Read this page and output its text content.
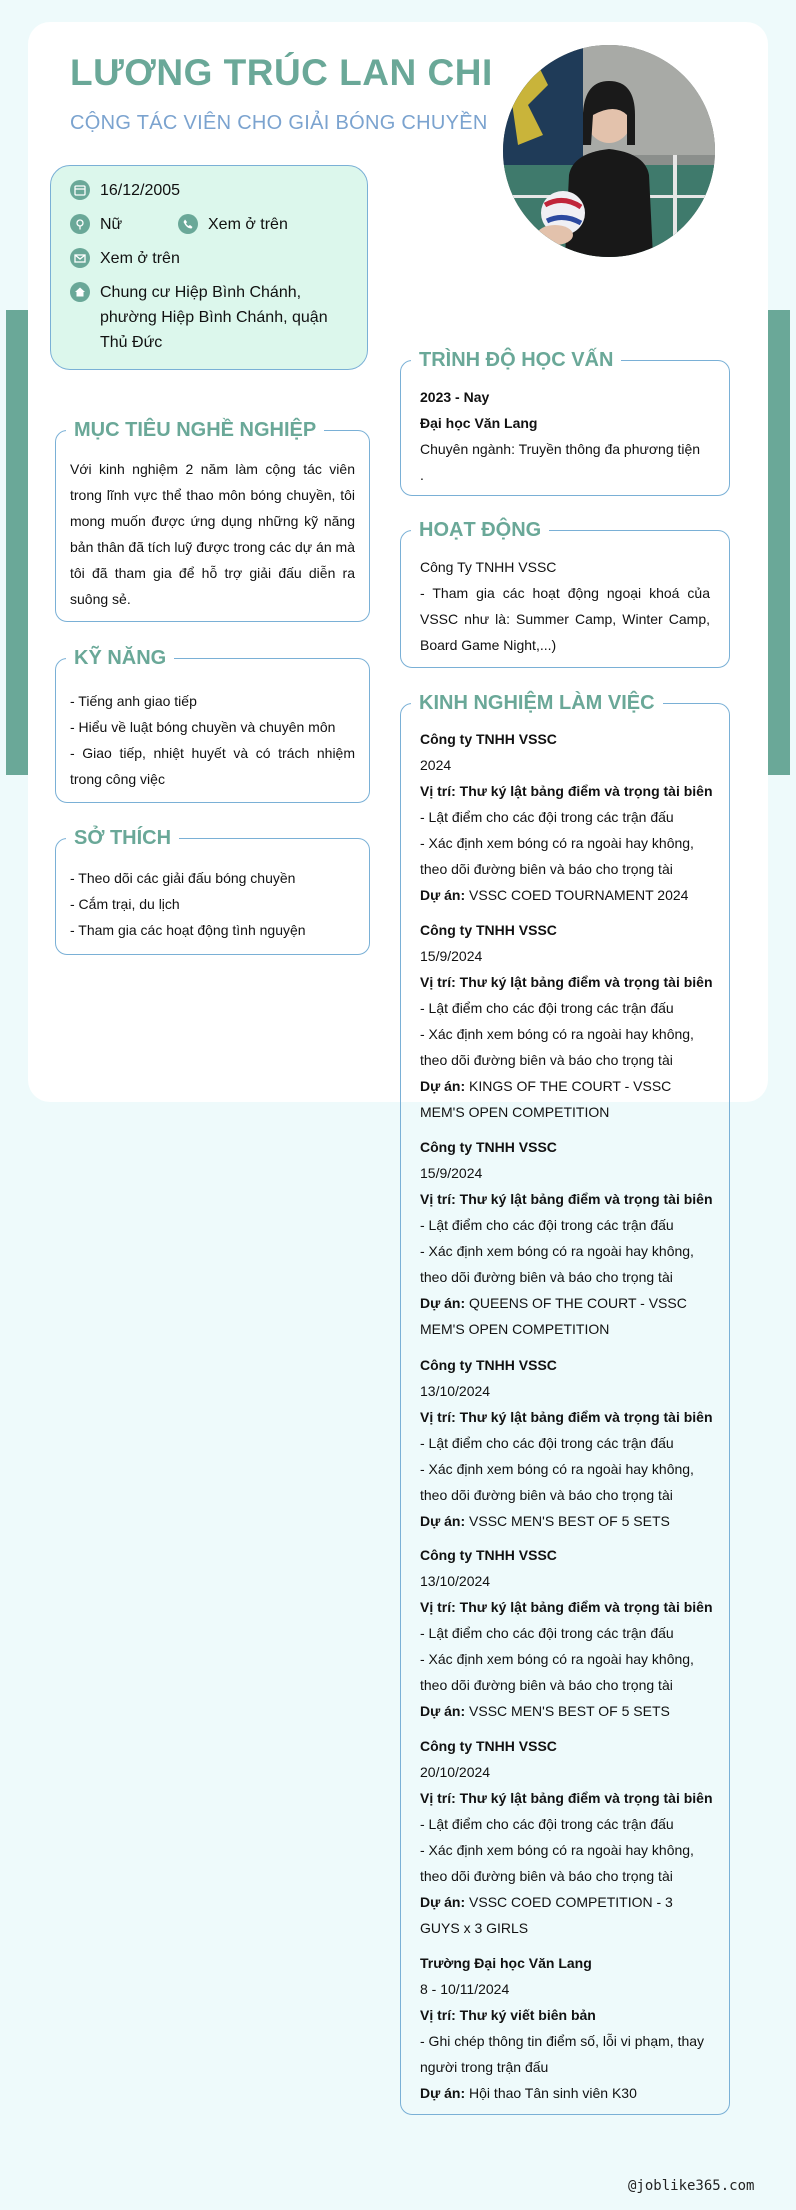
LƯƠNG TRÚC LAN CHI
CỘNG TÁC VIÊN CHO GIẢI BÓNG CHUYỀN
16/12/2005
Nữ	Xem ở trên
Xem ở trên
Chung cư Hiệp Bình Chánh, phường Hiệp Bình Chánh, quận Thủ Đức
MỤC TIÊU NGHỀ NGHIỆP
Với kinh nghiệm 2 năm làm cộng tác viên trong lĩnh vực thể thao môn bóng chuyền, tôi mong muốn được ứng dụng những kỹ năng bản thân đã tích luỹ được trong các dự án mà tôi đã tham gia để hỗ trợ giải đấu diễn ra suông sẻ.
KỸ NĂNG
- Tiếng anh giao tiếp
- Hiểu về luật bóng chuyền và chuyên môn
- Giao tiếp, nhiệt huyết và có trách nhiệm trong công việc
SỞ THÍCH
- Theo dõi các giải đấu bóng chuyền
- Cắm trại, du lịch
- Tham gia các hoạt động tình nguyện
TRÌNH ĐỘ HỌC VẤN
2023 - Nay
Đại học Văn Lang
Chuyên ngành: Truyền thông đa phương tiện
.
HOẠT ĐỘNG
Công Ty TNHH VSSC
- Tham gia các hoạt động ngoại khoá của VSSC như là: Summer Camp, Winter Camp, Board Game Night,...)
KINH NGHIỆM LÀM VIỆC
Công ty TNHH VSSC
2024
Vị trí: Thư ký lật bảng điểm và trọng tài biên
- Lật điểm cho các đội trong các trận đấu
- Xác định xem bóng có ra ngoài hay không, theo dõi đường biên và báo cho trọng tài
Dự án: VSSC COED TOURNAMENT 2024
Công ty TNHH VSSC
15/9/2024
Vị trí: Thư ký lật bảng điểm và trọng tài biên
- Lật điểm cho các đội trong các trận đấu
- Xác định xem bóng có ra ngoài hay không, theo dõi đường biên và báo cho trọng tài
Dự án: KINGS OF THE COURT - VSSC MEM'S OPEN COMPETITION
Công ty TNHH VSSC
15/9/2024
Vị trí: Thư ký lật bảng điểm và trọng tài biên
- Lật điểm cho các đội trong các trận đấu
- Xác định xem bóng có ra ngoài hay không, theo dõi đường biên và báo cho trọng tài
Dự án: QUEENS OF THE COURT - VSSC MEM'S OPEN COMPETITION
Công ty TNHH VSSC
13/10/2024
Vị trí: Thư ký lật bảng điểm và trọng tài biên
- Lật điểm cho các đội trong các trận đấu
- Xác định xem bóng có ra ngoài hay không, theo dõi đường biên và báo cho trọng tài
Dự án: VSSC MEN'S BEST OF 5 SETS
Công ty TNHH VSSC
13/10/2024
Vị trí: Thư ký lật bảng điểm và trọng tài biên
- Lật điểm cho các đội trong các trận đấu
- Xác định xem bóng có ra ngoài hay không, theo dõi đường biên và báo cho trọng tài
Dự án: VSSC MEN'S BEST OF 5 SETS
Công ty TNHH VSSC
20/10/2024
Vị trí: Thư ký lật bảng điểm và trọng tài biên
- Lật điểm cho các đội trong các trận đấu
- Xác định xem bóng có ra ngoài hay không, theo dõi đường biên và báo cho trọng tài
Dự án: VSSC COED COMPETITION - 3 GUYS x 3 GIRLS
Trường Đại học Văn Lang
8 - 10/11/2024
Vị trí: Thư ký viết biên bản
- Ghi chép thông tin điểm số, lỗi vi phạm, thay người trong trận đấu
Dự án: Hội thao Tân sinh viên K30
@joblike365.com
